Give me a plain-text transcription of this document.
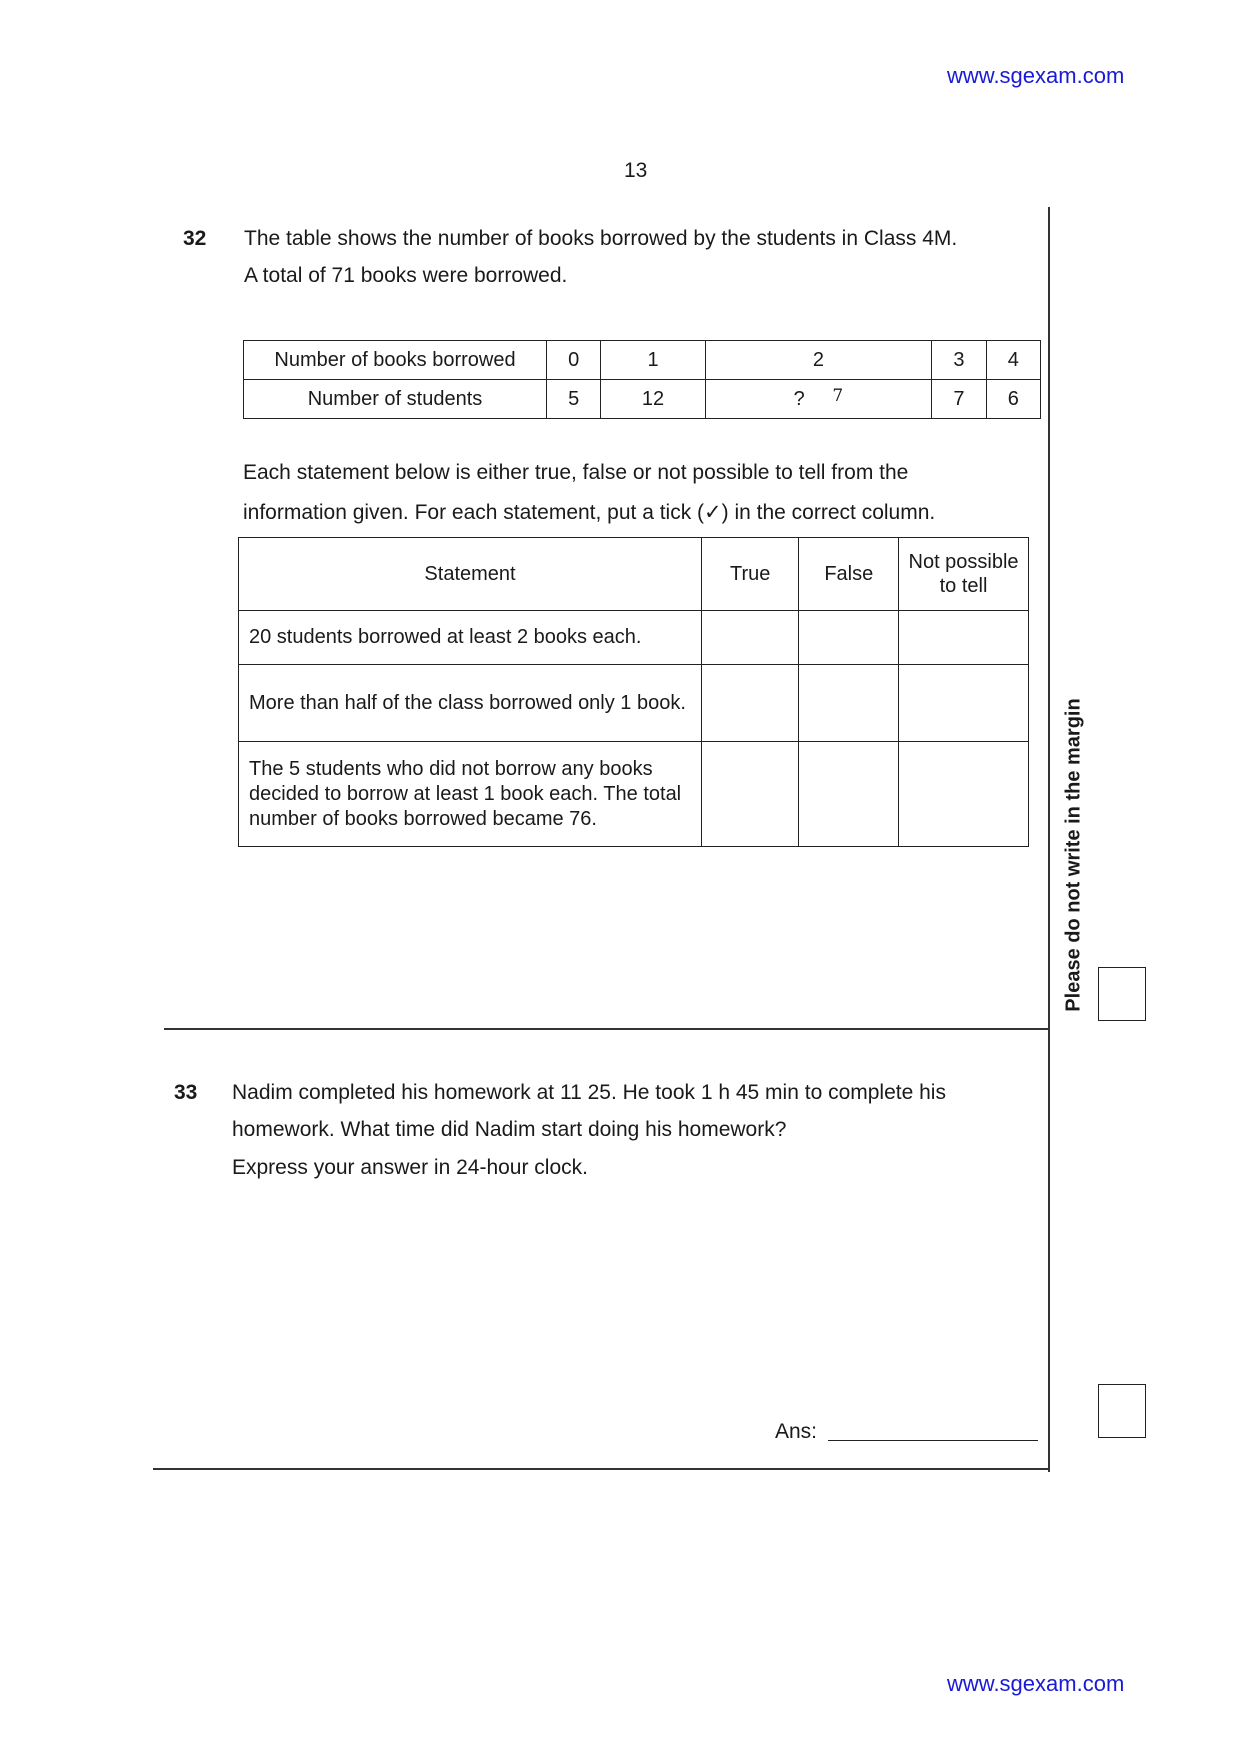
www.sgexam.com
13
32 The table shows the number of books borrowed by the students in Class 4M.
A total of 71 books were borrowed.
Number of books borrowed	0	1	2	3	4
Number of students	5	12	? $^7$	7	6
Each statement below is either true, false or not possible to tell from the
information given. For each statement, put a tick (✓) in the correct column.
Statement	True	False	Not possible to tell
20 students borrowed at least 2 books each.			
More than half of the class borrowed only 1 book.			
The 5 students who did not borrow any books decided to borrow at least 1 book each. The total number of books borrowed became 76.				Please do not write in the margin
33 Nadim completed his homework at 11 25. He took 1 h 45 min to complete his
homework. What time did Nadim start doing his homework?
Express your answer in 24-hour clock.
Ans:
www.sgexam.com
